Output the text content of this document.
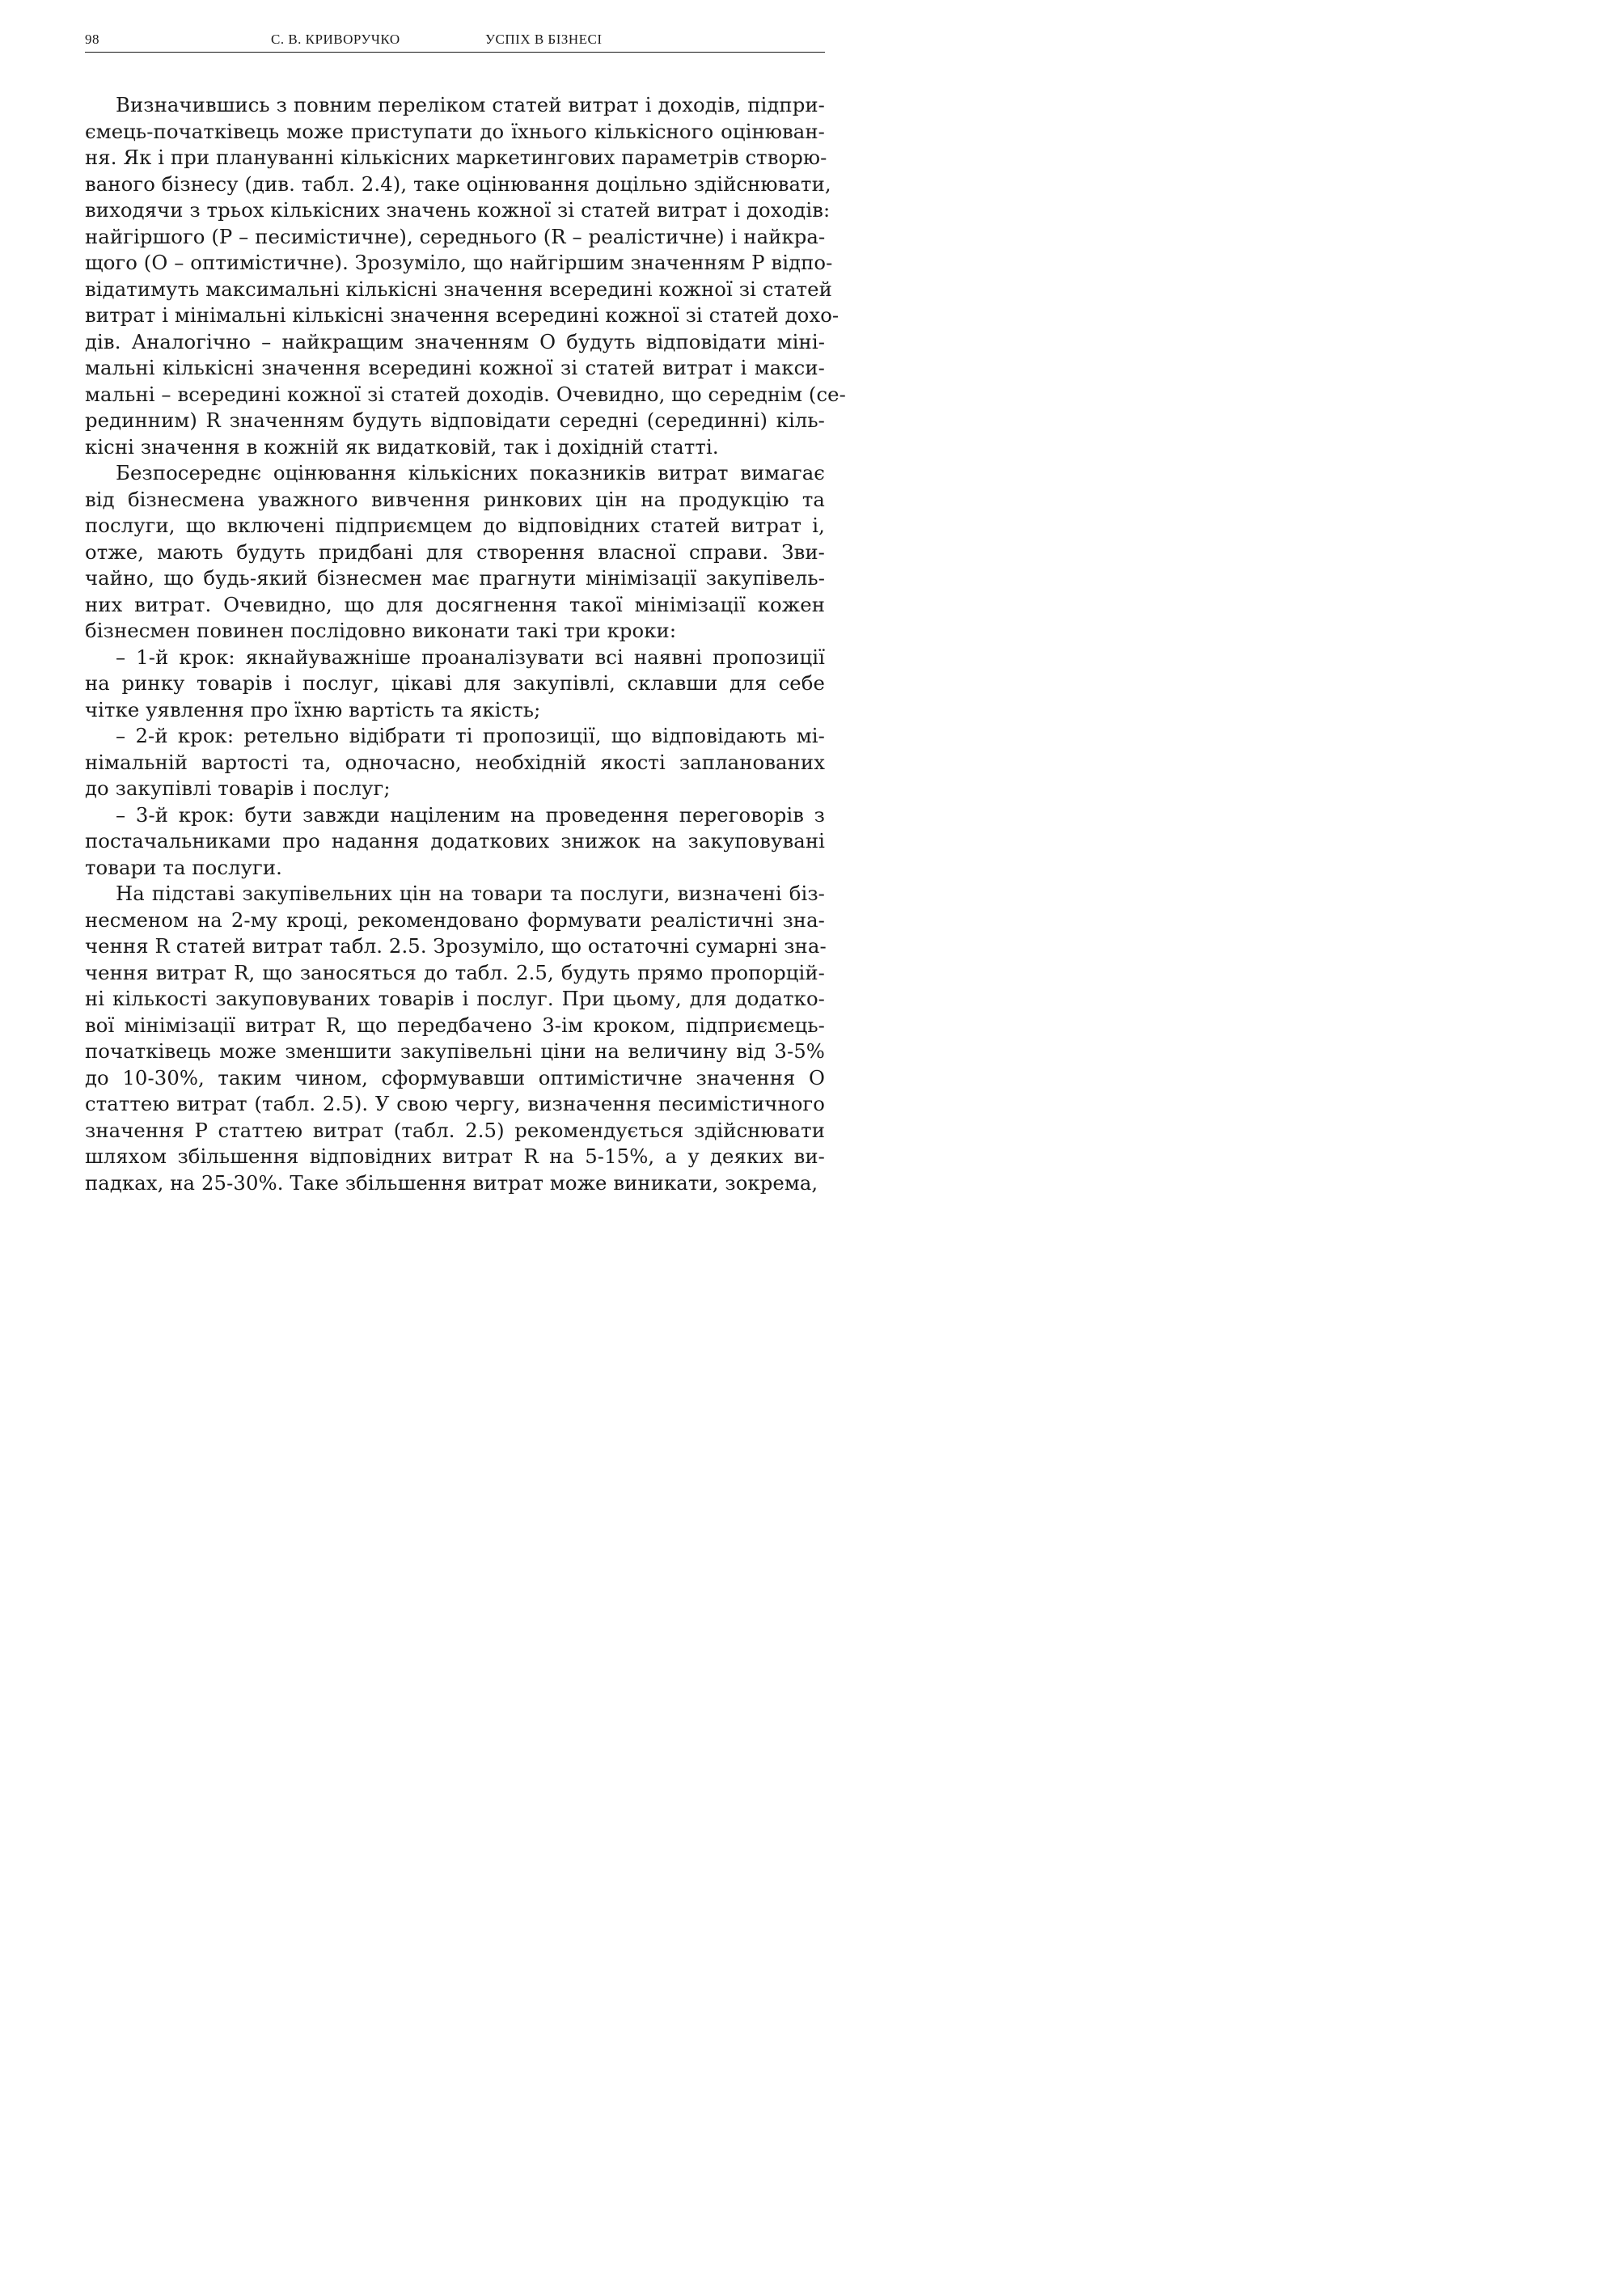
98	С. В. КРИВОРУЧКО	УСПІХ В БІЗНЕСІ
Визначившись з повним переліком статей витрат і доходів, підпри-
ємець-початківець може приступати до їхнього кількісного оцінюван-
ня. Як і при плануванні кількісних маркетингових параметрів створю-
ваного бізнесу (див. табл. 2.4), таке оцінювання доцільно здійснювати,
виходячи з трьох кількісних значень кожної зі статей витрат і доходів:
найгіршого (P – песимістичне), середнього (R – реалістичне) і найкра-
щого (O – оптимістичне). Зрозуміло, що найгіршим значенням P відпо-
відатимуть максимальні кількісні значення всередині кожної зі статей
витрат і мінімальні кількісні значення всередині кожної зі статей дохо-
дів. Аналогічно – найкращим значенням O будуть відповідати міні-
мальні кількісні значення всередині кожної зі статей витрат і макси-
мальні – всередині кожної зі статей доходів. Очевидно, що середнім (се-
рединним) R значенням будуть відповідати середні (серединні) кіль-
кісні значення в кожній як видатковій, так і дохідній статті.
Безпосереднє оцінювання кількісних показників витрат вимагає
від бізнесмена уважного вивчення ринкових цін на продукцію та
послуги, що включені підприємцем до відповідних статей витрат і,
отже, мають будуть придбані для створення власної справи. Зви-
чайно, що будь-який бізнесмен має прагнути мінімізації закупівель-
них витрат. Очевидно, що для досягнення такої мінімізації кожен
бізнесмен повинен послідовно виконати такі три кроки:
– 1-й крок: якнайуважніше проаналізувати всі наявні пропозиції
на ринку товарів і послуг, цікаві для закупівлі, склавши для себе
чітке уявлення про їхню вартість та якість;
– 2-й крок: ретельно відібрати ті пропозиції, що відповідають мі-
німальній вартості та, одночасно, необхідній якості запланованих
до закупівлі товарів і послуг;
– 3-й крок: бути завжди націленим на проведення переговорів з
постачальниками про надання додаткових знижок на закуповувані
товари та послуги.
На підставі закупівельних цін на товари та послуги, визначені біз-
несменом на 2-му кроці, рекомендовано формувати реалістичні зна-
чення R статей витрат табл. 2.5. Зрозуміло, що остаточні сумарні зна-
чення витрат R, що заносяться до табл. 2.5, будуть прямо пропорцій-
ні кількості закуповуваних товарів і послуг. При цьому, для додатко-
вої мінімізації витрат R, що передбачено 3-ім кроком, підприємець-
початківець може зменшити закупівельні ціни на величину від 3-5%
до 10-30%, таким чином, сформувавши оптимістичне значення O
статтею витрат (табл. 2.5). У свою чергу, визначення песимістичного
значення P статтею витрат (табл. 2.5) рекомендується здійснювати
шляхом збільшення відповідних витрат R на 5-15%, а у деяких ви-
падках, на 25-30%. Таке збільшення витрат може виникати, зокрема,
